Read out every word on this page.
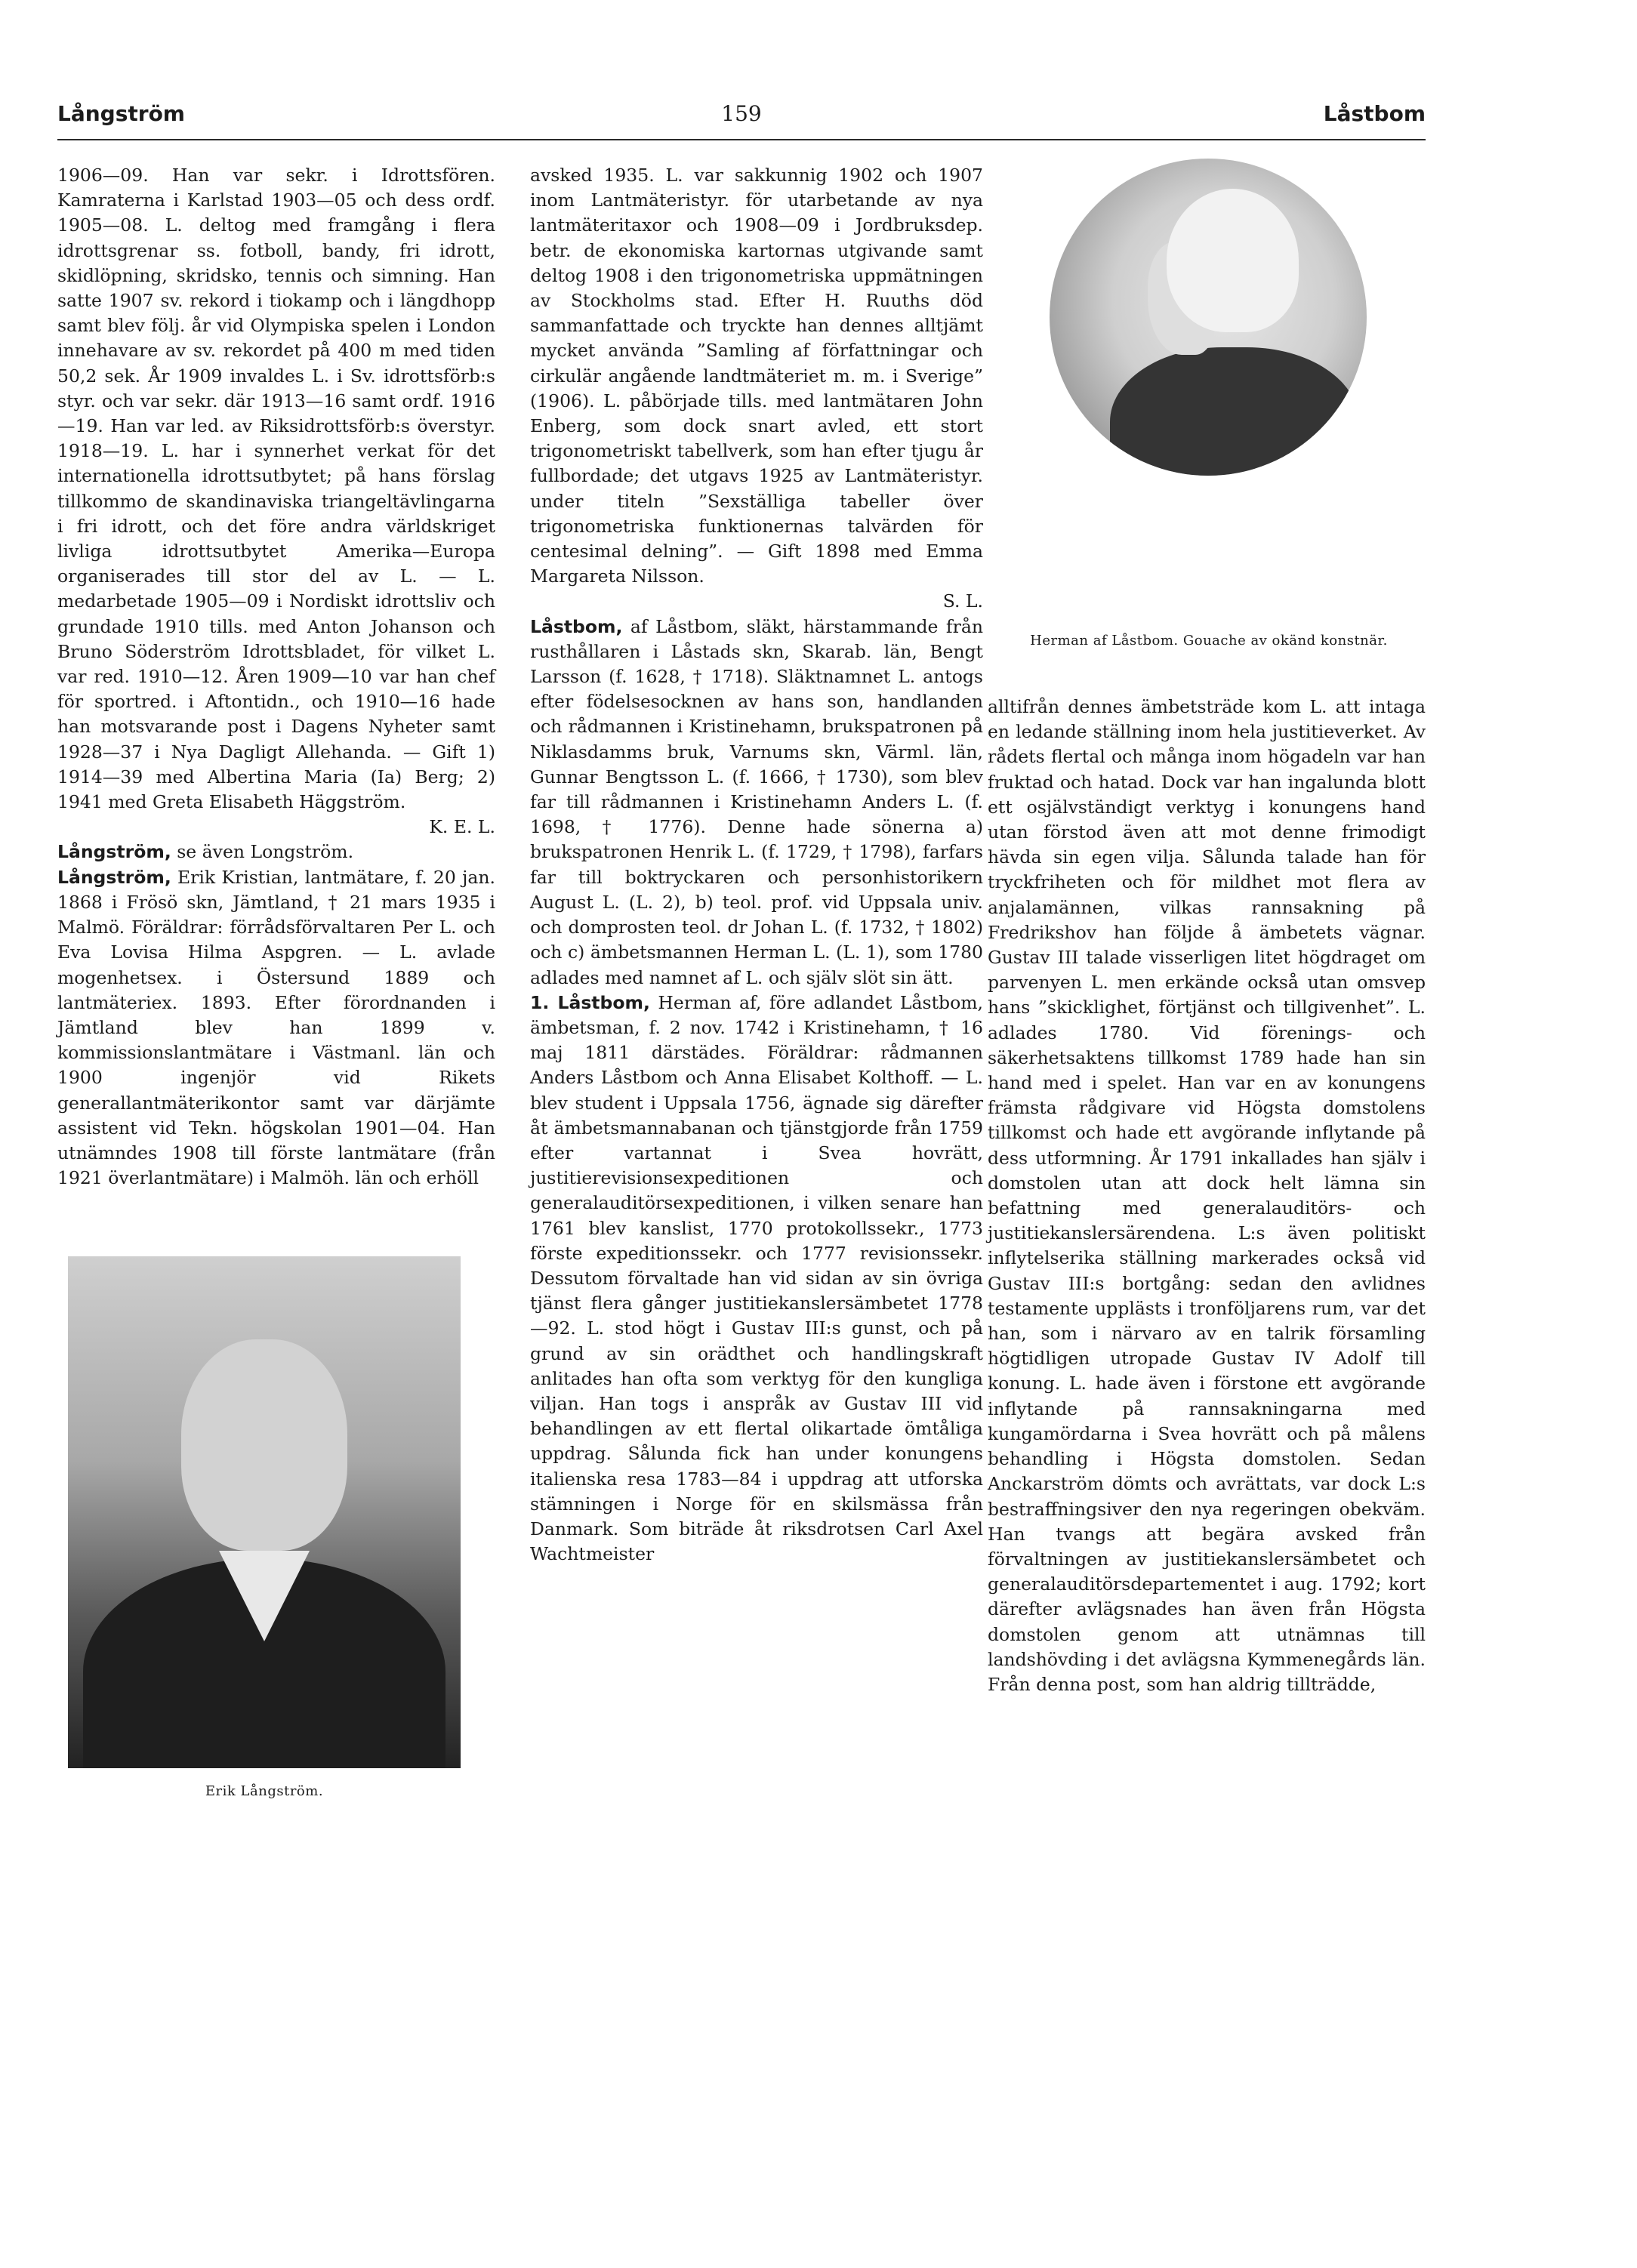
Långström	159	Låstbom

1906—09. Han var sekr. i Idrottsfören. Kamraterna i Karlstad 1903—05 och dess ordf. 1905—08. L. deltog med framgång i flera idrottsgrenar ss. fotboll, bandy, fri idrott, skidlöpning, skridsko, tennis och simning. Han satte 1907 sv. rekord i tiokamp och i längdhopp samt blev följ. år vid Olympiska spelen i London innehavare av sv. rekordet på 400 m med tiden 50,2 sek. År 1909 invaldes L. i Sv. idrottsförb:s styr. och var sekr. där 1913—16 samt ordf. 1916—19. Han var led. av Riksidrottsförb:s överstyr. 1918—19. L. har i synnerhet verkat för det internationella idrottsutbytet; på hans förslag tillkommo de skandinaviska triangeltävlingarna i fri idrott, och det före andra världskriget livliga idrottsutbytet Amerika—Europa organiserades till stor del av L. — L. medarbetade 1905—09 i Nordiskt idrottsliv och grundade 1910 tills. med Anton Johanson och Bruno Söderström Idrottsbladet, för vilket L. var red. 1910—12. Åren 1909—10 var han chef för sportred. i Aftontidn., och 1910—16 hade han motsvarande post i Dagens Nyheter samt 1928—37 i Nya Dagligt Allehanda. — Gift 1) 1914—39 med Albertina Maria (Ia) Berg; 2) 1941 med Greta Elisabeth Häggström.

K. E. L.

Långström, se även Longström.

Långström, Erik Kristian, lantmätare, f. 20 jan. 1868 i Frösö skn, Jämtland, † 21 mars 1935 i Malmö. Föräldrar: förrådsförvaltaren Per L. och Eva Lovisa Hilma Aspgren. — L. avlade mogenhetsex. i Östersund 1889 och lantmäteriex. 1893. Efter förordnanden i Jämtland blev han 1899 v. kommissionslantmätare i Västmanl. län och 1900 ingenjör vid Rikets generallantmäterikontor samt var därjämte assistent vid Tekn. högskolan 1901—04. Han utnämndes 1908 till förste lantmätare (från 1921 överlantmätare) i Malmöh. län och erhöll

Erik Långström.

avsked 1935. L. var sakkunnig 1902 och 1907 inom Lantmäteristyr. för utarbetande av nya lantmäteritaxor och 1908—09 i Jordbruksdep. betr. de ekonomiska kartornas utgivande samt deltog 1908 i den trigonometriska uppmätningen av Stockholms stad. Efter H. Ruuths död sammanfattade och tryckte han dennes alltjämt mycket använda ”Samling af författningar och cirkulär angående landtmäteriet m. m. i Sverige” (1906). L. påbörjade tills. med lantmätaren John Enberg, som dock snart avled, ett stort trigonometriskt tabellverk, som han efter tjugu år fullbordade; det utgavs 1925 av Lantmäteristyr. under titeln ”Sexställiga tabeller över trigonometriska funktionernas talvärden för centesimal delning”. — Gift 1898 med Emma Margareta Nilsson.

S. L.

Låstbom, af Låstbom, släkt, härstammande från rusthållaren i Låstads skn, Skarab. län, Bengt Larsson (f. 1628, † 1718). Släktnamnet L. antogs efter födelsesocknen av hans son, handlanden och rådmannen i Kristinehamn, brukspatronen på Niklasdamms bruk, Varnums skn, Värml. län, Gunnar Bengtsson L. (f. 1666, † 1730), som blev far till rådmannen i Kristinehamn Anders L. (f. 1698, † 1776). Denne hade sönerna a) brukspatronen Henrik L. (f. 1729, † 1798), farfars far till boktryckaren och personhistorikern August L. (L. 2), b) teol. prof. vid Uppsala univ. och domprosten teol. dr Johan L. (f. 1732, † 1802) och c) ämbetsmannen Herman L. (L. 1), som 1780 adlades med namnet af L. och själv slöt sin ätt.

1. Låstbom, Herman af, före adlandet Låstbom, ämbetsman, f. 2 nov. 1742 i Kristinehamn, † 16 maj 1811 därstädes. Föräldrar: rådmannen Anders Låstbom och Anna Elisabet Kolthoff. — L. blev student i Uppsala 1756, ägnade sig därefter åt ämbetsmannabanan och tjänstgjorde från 1759 efter vartannat i Svea hovrätt, justitierevisionsexpeditionen och generalauditörsexpeditionen, i vilken senare han 1761 blev kanslist, 1770 protokollssekr., 1773 förste expeditionssekr. och 1777 revisionssekr. Dessutom förvaltade han vid sidan av sin övriga tjänst flera gånger justitiekanslersämbetet 1778—92. L. stod högt i Gustav III:s gunst, och på grund av sin orädthet och handlingskraft anlitades han ofta som verktyg för den kungliga viljan. Han togs i anspråk av Gustav III vid behandlingen av ett flertal olikartade ömtåliga uppdrag. Sålunda fick han under konungens italienska resa 1783—84 i uppdrag att utforska stämningen i Norge för en skilsmässa från Danmark. Som biträde åt riksdrotsen Carl Axel Wachtmeister

Herman af Låstbom. Gouache av okänd konstnär.

alltifrån dennes ämbetsträde kom L. att intaga en ledande ställning inom hela justitieverket. Av rådets flertal och många inom högadeln var han fruktad och hatad. Dock var han ingalunda blott ett osjälvständigt verktyg i konungens hand utan förstod även att mot denne frimodigt hävda sin egen vilja. Sålunda talade han för tryckfriheten och för mildhet mot flera av anjalamännen, vilkas rannsakning på Fredrikshov han följde å ämbetets vägnar. Gustav III talade visserligen litet högdraget om parvenyen L. men erkände också utan omsvep hans ”skicklighet, förtjänst och tillgivenhet”. L. adlades 1780. Vid förenings- och säkerhetsaktens tillkomst 1789 hade han sin hand med i spelet. Han var en av konungens främsta rådgivare vid Högsta domstolens tillkomst och hade ett avgörande inflytande på dess utformning. År 1791 inkallades han själv i domstolen utan att dock helt lämna sin befattning med generalauditörs- och justitiekanslersärendena. L:s även politiskt inflytelserika ställning markerades också vid Gustav III:s bortgång: sedan den avlidnes testamente upplästs i tronföljarens rum, var det han, som i närvaro av en talrik församling högtidligen utropade Gustav IV Adolf till konung. L. hade även i förstone ett avgörande inflytande på rannsakningarna med kungamördarna i Svea hovrätt och på målens behandling i Högsta domstolen. Sedan Anckarström dömts och avrättats, var dock L:s bestraffningsiver den nya regeringen obekväm. Han tvangs att begära avsked från förvaltningen av justitiekanslersämbetet och generalauditörsdepartementet i aug. 1792; kort därefter avlägsnades han även från Högsta domstolen genom att utnämnas till landshövding i det avlägsna Kymmenegårds län. Från denna post, som han aldrig tillträdde,
